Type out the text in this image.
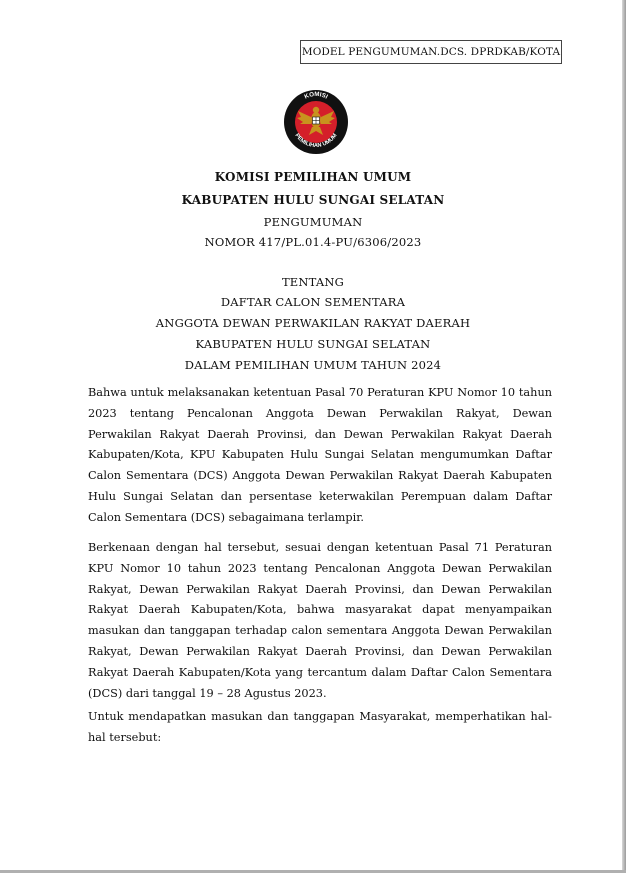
MODEL PENGUMUMAN.DCS. DPRDKAB/KOTA
KOMISI
PEMILIHAN UMUM
KOMISI PEMILIHAN UMUM
KABUPATEN HULU SUNGAI SELATAN
PENGUMUMAN
NOMOR 417/PL.01.4-PU/6306/2023
TENTANG
DAFTAR CALON SEMENTARA
ANGGOTA DEWAN PERWAKILAN RAKYAT DAERAH
KABUPATEN HULU SUNGAI SELATAN
DALAM PEMILIHAN UMUM TAHUN 2024

Bahwa untuk melaksanakan ketentuan Pasal 70 Peraturan KPU Nomor 10 tahun 2023 tentang Pencalonan Anggota Dewan Perwakilan Rakyat, Dewan Perwakilan Rakyat Daerah Provinsi, dan Dewan Perwakilan Rakyat Daerah Kabupaten/Kota, KPU Kabupaten Hulu Sungai Selatan mengumumkan Daftar Calon Sementara (DCS) Anggota Dewan Perwakilan Rakyat Daerah Kabupaten Hulu Sungai Selatan dan persentase keterwakilan Perempuan dalam Daftar Calon Sementara (DCS) sebagaimana terlampir.

Berkenaan dengan hal tersebut, sesuai dengan ketentuan Pasal 71 Peraturan KPU Nomor 10 tahun 2023 tentang Pencalonan Anggota Dewan Perwakilan Rakyat, Dewan Perwakilan Rakyat Daerah Provinsi, dan Dewan Perwakilan Rakyat Daerah Kabupaten/Kota, bahwa masyarakat dapat menyampaikan masukan dan tanggapan terhadap calon sementara Anggota Dewan Perwakilan Rakyat, Dewan Perwakilan Rakyat Daerah Provinsi, dan Dewan Perwakilan Rakyat Daerah Kabupaten/Kota yang tercantum dalam Daftar Calon Sementara (DCS) dari tanggal 19 – 28 Agustus 2023.

Untuk mendapatkan masukan dan tanggapan Masyarakat, memperhatikan hal-hal tersebut:
